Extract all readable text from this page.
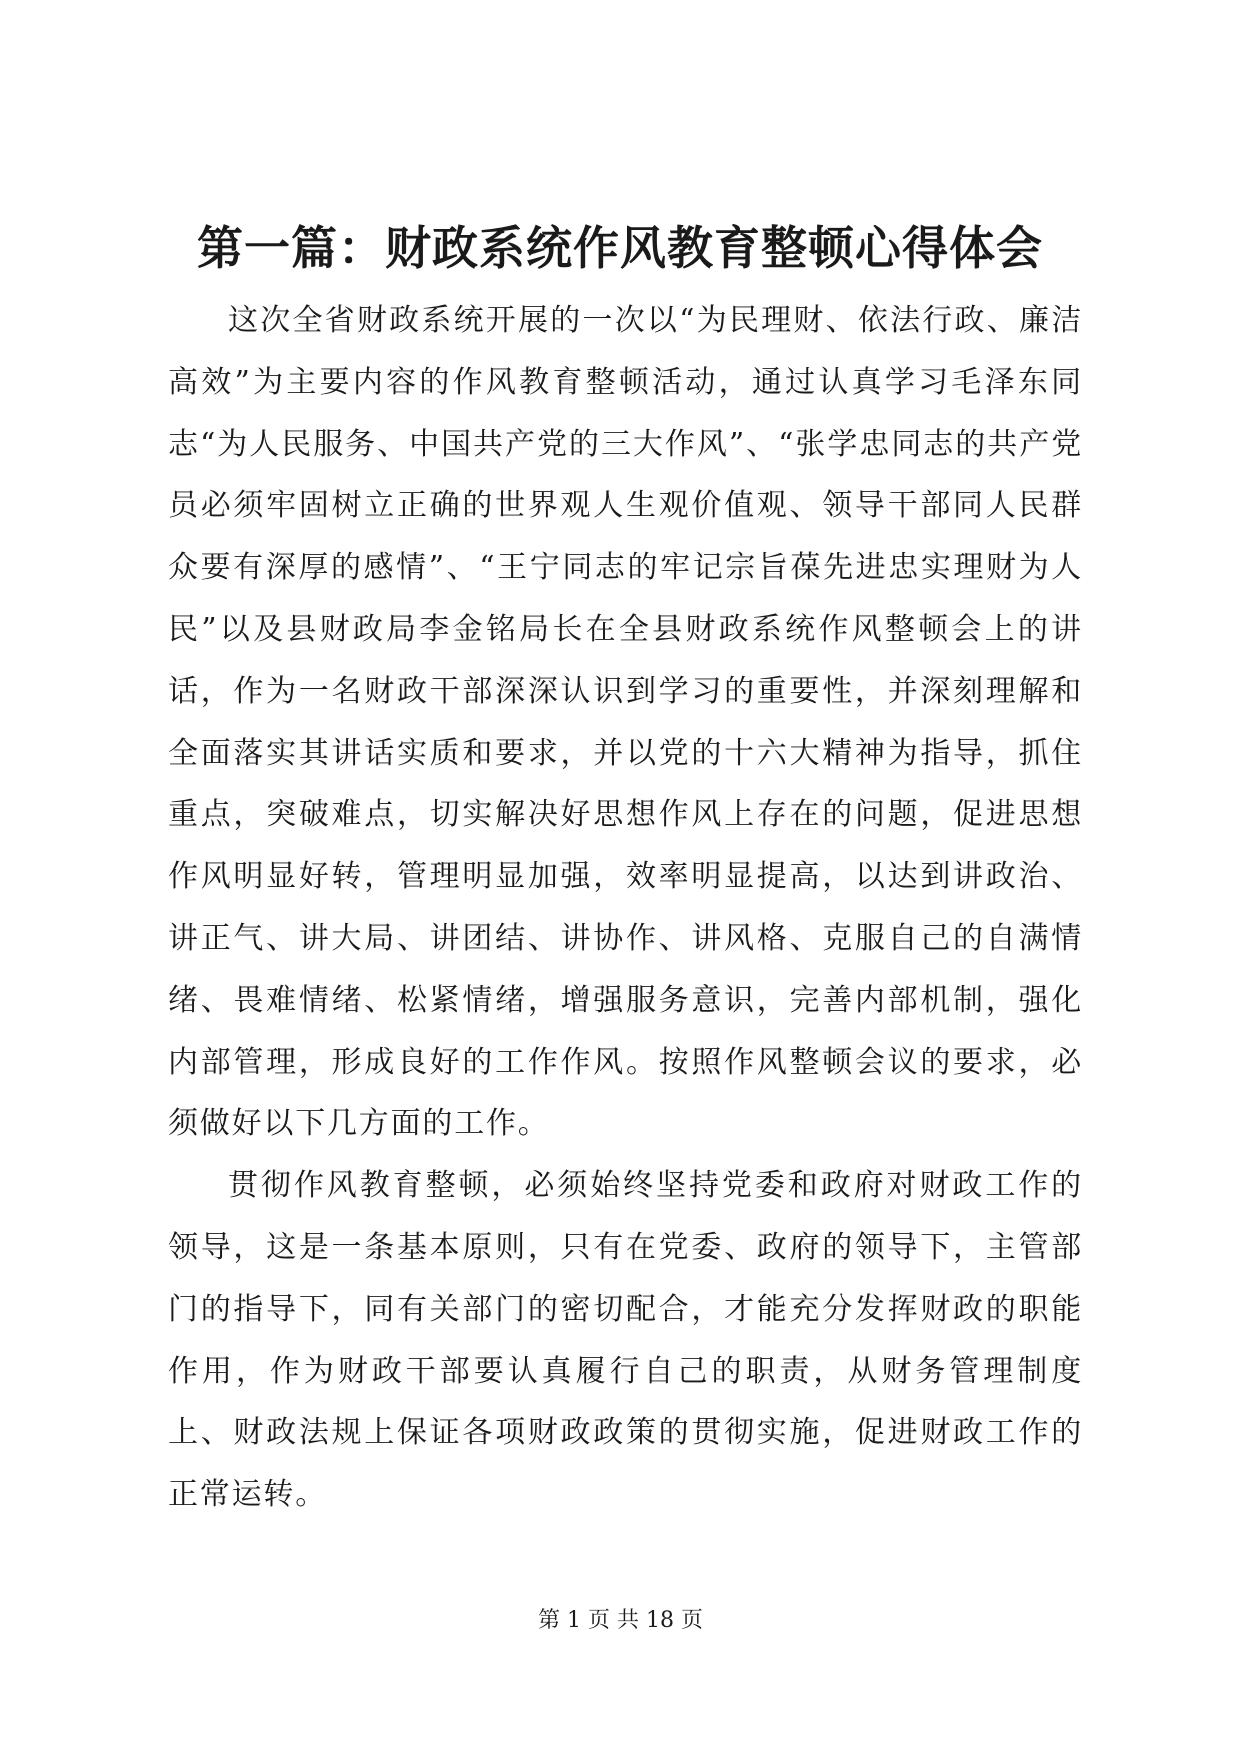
第一篇：财政系统作风教育整顿心得体会

这次全省财政系统开展的一次以“为民理财、依法行政、廉洁高效”为主要内容的作风教育整顿活动，通过认真学习毛泽东同志“为人民服务、中国共产党的三大作风”、“张学忠同志的共产党员必须牢固树立正确的世界观人生观价值观、领导干部同人民群众要有深厚的感情”、“王宁同志的牢记宗旨葆先进忠实理财为人民”以及县财政局李金铭局长在全县财政系统作风整顿会上的讲话，作为一名财政干部深深认识到学习的重要性，并深刻理解和全面落实其讲话实质和要求，并以党的十六大精神为指导，抓住重点，突破难点，切实解决好思想作风上存在的问题，促进思想作风明显好转，管理明显加强，效率明显提高，以达到讲政治、讲正气、讲大局、讲团结、讲协作、讲风格、克服自己的自满情绪、畏难情绪、松紧情绪，增强服务意识，完善内部机制，强化内部管理，形成良好的工作作风。按照作风整顿会议的要求，必须做好以下几方面的工作。

贯彻作风教育整顿，必须始终坚持党委和政府对财政工作的领导，这是一条基本原则，只有在党委、政府的领导下，主管部门的指导下，同有关部门的密切配合，才能充分发挥财政的职能作用，作为财政干部要认真履行自己的职责，从财务管理制度上、财政法规上保证各项财政政策的贯彻实施，促进财政工作的正常运转。

第 1 页 共 18 页
